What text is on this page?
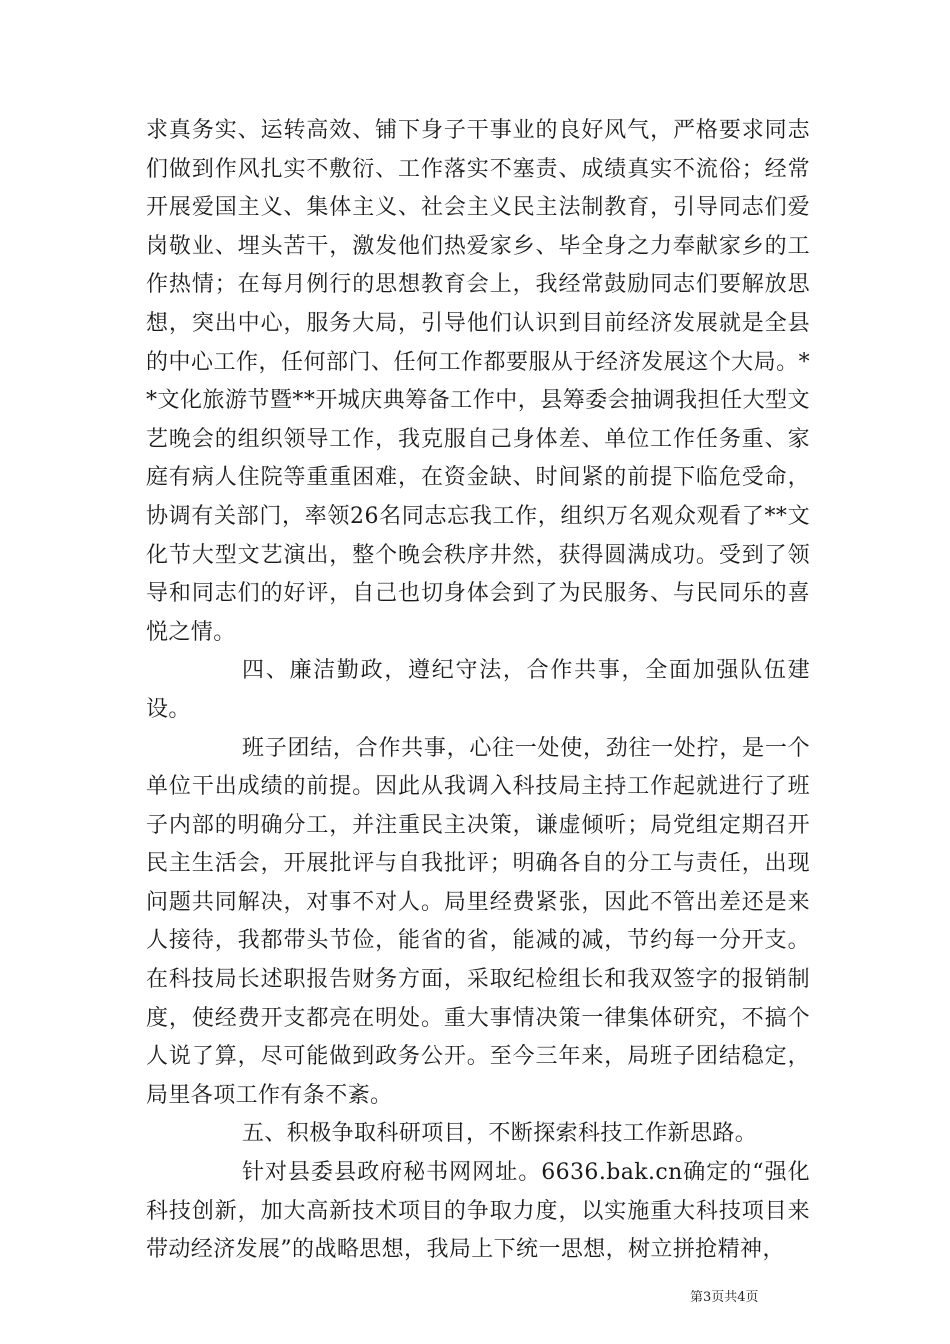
求真务实、运转高效、铺下身子干事业的良好风气，严格要求同志们做到作风扎实不敷衍、工作落实不塞责、成绩真实不流俗；经常开展爱国主义、集体主义、社会主义民主法制教育，引导同志们爱岗敬业、埋头苦干，激发他们热爱家乡、毕全身之力奉献家乡的工作热情；在每月例行的思想教育会上，我经常鼓励同志们要解放思想，突出中心，服务大局，引导他们认识到目前经济发展就是全县的中心工作，任何部门、任何工作都要服从于经济发展这个大局。**文化旅游节暨**开城庆典筹备工作中，县筹委会抽调我担任大型文艺晚会的组织领导工作，我克服自己身体差、单位工作任务重、家庭有病人住院等重重困难，在资金缺、时间紧的前提下临危受命，协调有关部门，率领26名同志忘我工作，组织万名观众观看了**文化节大型文艺演出，整个晚会秩序井然，获得圆满成功。受到了领导和同志们的好评，自己也切身体会到了为民服务、与民同乐的喜悦之情。

四、廉洁勤政，遵纪守法，合作共事，全面加强队伍建设。

班子团结，合作共事，心往一处使，劲往一处拧，是一个单位干出成绩的前提。因此从我调入科技局主持工作起就进行了班子内部的明确分工，并注重民主决策，谦虚倾听；局党组定期召开民主生活会，开展批评与自我批评；明确各自的分工与责任，出现问题共同解决，对事不对人。局里经费紧张，因此不管出差还是来人接待，我都带头节俭，能省的省，能减的减，节约每一分开支。在科技局长述职报告财务方面，采取纪检组长和我双签字的报销制度，使经费开支都亮在明处。重大事情决策一律集体研究，不搞个人说了算，尽可能做到政务公开。至今三年来，局班子团结稳定，局里各项工作有条不紊。

五、积极争取科研项目，不断探索科技工作新思路。

针对县委县政府秘书网网址。6636.bak.cn确定的“强化科技创新，加大高新技术项目的争取力度，以实施重大科技项目来带动经济发展”的战略思想，我局上下统一思想，树立拼抢精神，

第3页共4页
